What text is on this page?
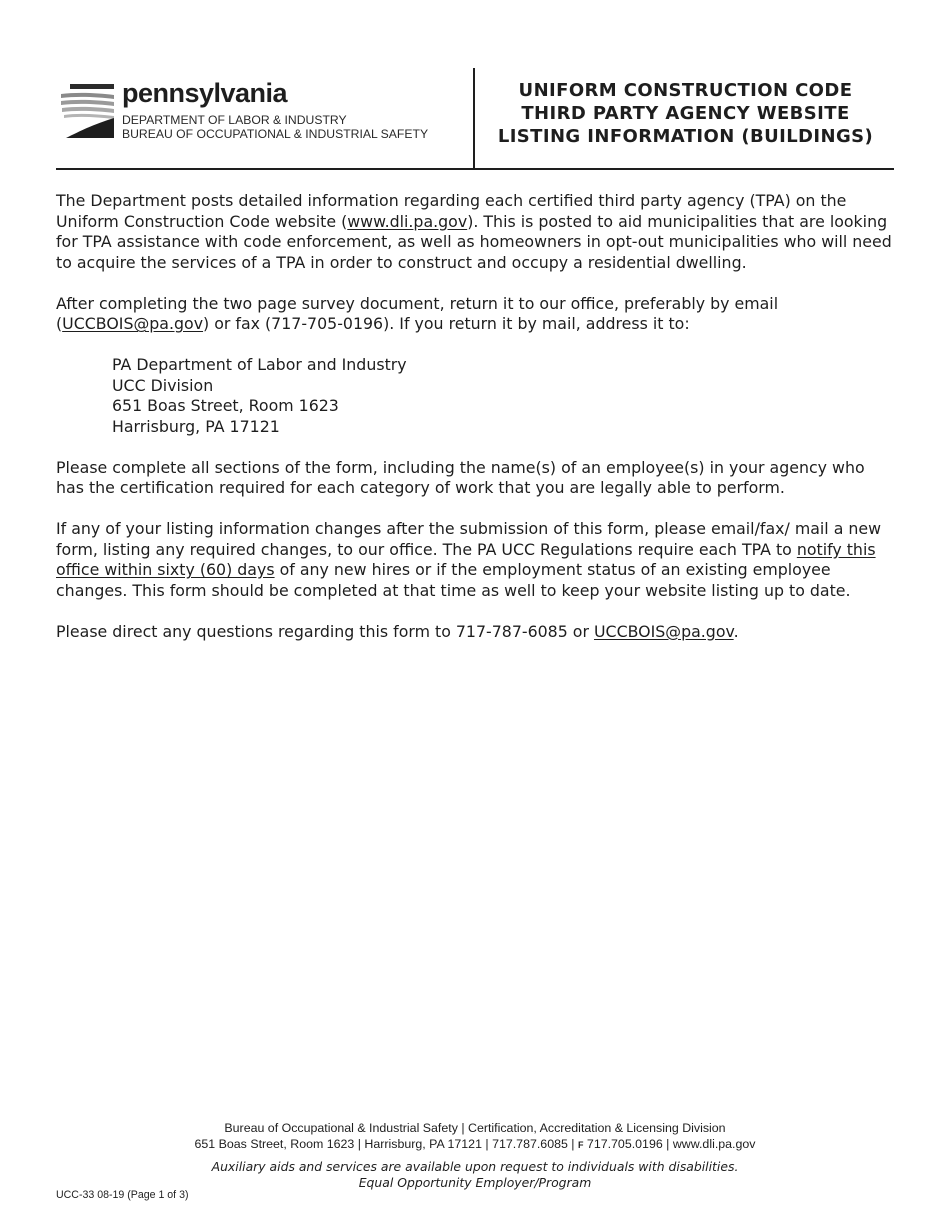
pennsylvania
DEPARTMENT OF LABOR & INDUSTRY
BUREAU OF OCCUPATIONAL & INDUSTRIAL SAFETY
UNIFORM CONSTRUCTION CODE
THIRD PARTY AGENCY WEBSITE
LISTING INFORMATION (BUILDINGS)

The Department posts detailed information regarding each certified third party agency (TPA) on the Uniform Construction Code website (www.dli.pa.gov). This is posted to aid municipalities that are looking for TPA assistance with code enforcement, as well as homeowners in opt-out municipalities who will need to acquire the services of a TPA in order to construct and occupy a residential dwelling.

After completing the two page survey document, return it to our office, preferably by email (UCCBOIS@pa.gov) or fax (717-705-0196). If you return it by mail, address it to:

PA Department of Labor and Industry
UCC Division
651 Boas Street, Room 1623
Harrisburg, PA 17121

Please complete all sections of the form, including the name(s) of an employee(s) in your agency who has the certification required for each category of work that you are legally able to perform.

If any of your listing information changes after the submission of this form, please email/fax/ mail a new form, listing any required changes, to our office. The PA UCC Regulations require each TPA to notify this office within sixty (60) days of any new hires or if the employment status of an existing employee changes. This form should be completed at that time as well to keep your website listing up to date.

Please direct any questions regarding this form to 717-787-6085 or UCCBOIS@pa.gov.

Bureau of Occupational & Industrial Safety | Certification, Accreditation & Licensing Division
651 Boas Street, Room 1623 | Harrisburg, PA 17121 | 717.787.6085 | F 717.705.0196 | www.dli.pa.gov
Auxiliary aids and services are available upon request to individuals with disabilities.
Equal Opportunity Employer/Program
UCC-33 08-19 (Page 1 of 3)
